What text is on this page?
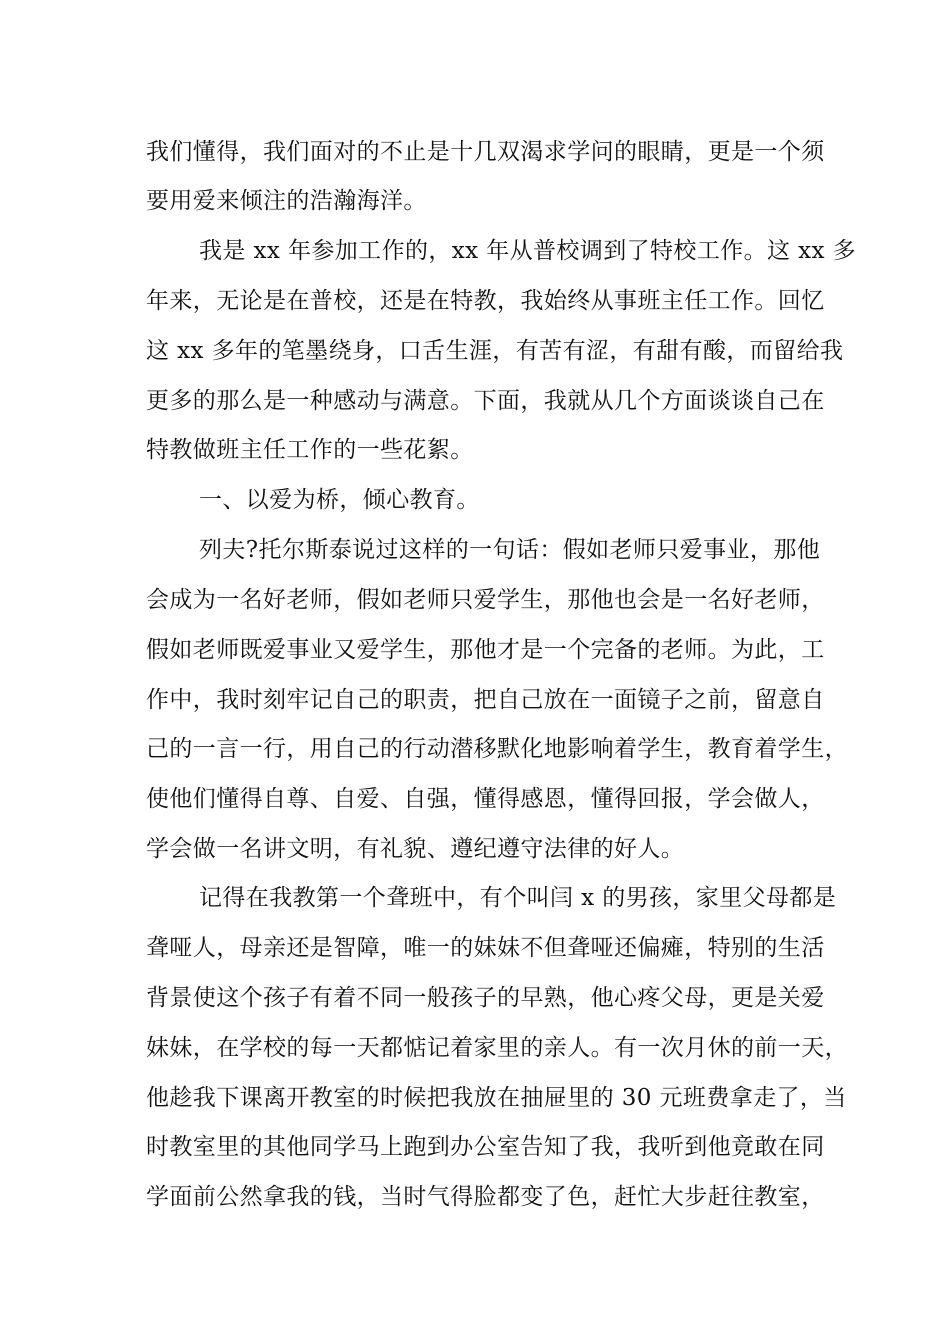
我们懂得，我们面对的不止是十几双渴求学问的眼睛，更是一个须
要用爱来倾注的浩瀚海洋。
我是 xx 年参加工作的，xx 年从普校调到了特校工作。这 xx 多
年来，无论是在普校，还是在特教，我始终从事班主任工作。回忆
这 xx 多年的笔墨绕身，口舌生涯，有苦有涩，有甜有酸，而留给我
更多的那么是一种感动与满意。下面，我就从几个方面谈谈自己在
特教做班主任工作的一些花絮。
一、以爱为桥，倾心教育。
列夫?托尔斯泰说过这样的一句话：假如老师只爱事业，那他
会成为一名好老师，假如老师只爱学生，那他也会是一名好老师，
假如老师既爱事业又爱学生，那他才是一个完备的老师。为此，工
作中，我时刻牢记自己的职责，把自己放在一面镜子之前，留意自
己的一言一行，用自己的行动潜移默化地影响着学生，教育着学生，
使他们懂得自尊、自爱、自强，懂得感恩，懂得回报，学会做人，
学会做一名讲文明，有礼貌、遵纪遵守法律的好人。
记得在我教第一个聋班中，有个叫闫 x 的男孩，家里父母都是
聋哑人，母亲还是智障，唯一的妹妹不但聋哑还偏瘫，特别的生活
背景使这个孩子有着不同一般孩子的早熟，他心疼父母，更是关爱
妹妹，在学校的每一天都惦记着家里的亲人。有一次月休的前一天，
他趁我下课离开教室的时候把我放在抽屉里的 30 元班费拿走了，当
时教室里的其他同学马上跑到办公室告知了我，我听到他竟敢在同
学面前公然拿我的钱，当时气得脸都变了色，赶忙大步赶往教室，
